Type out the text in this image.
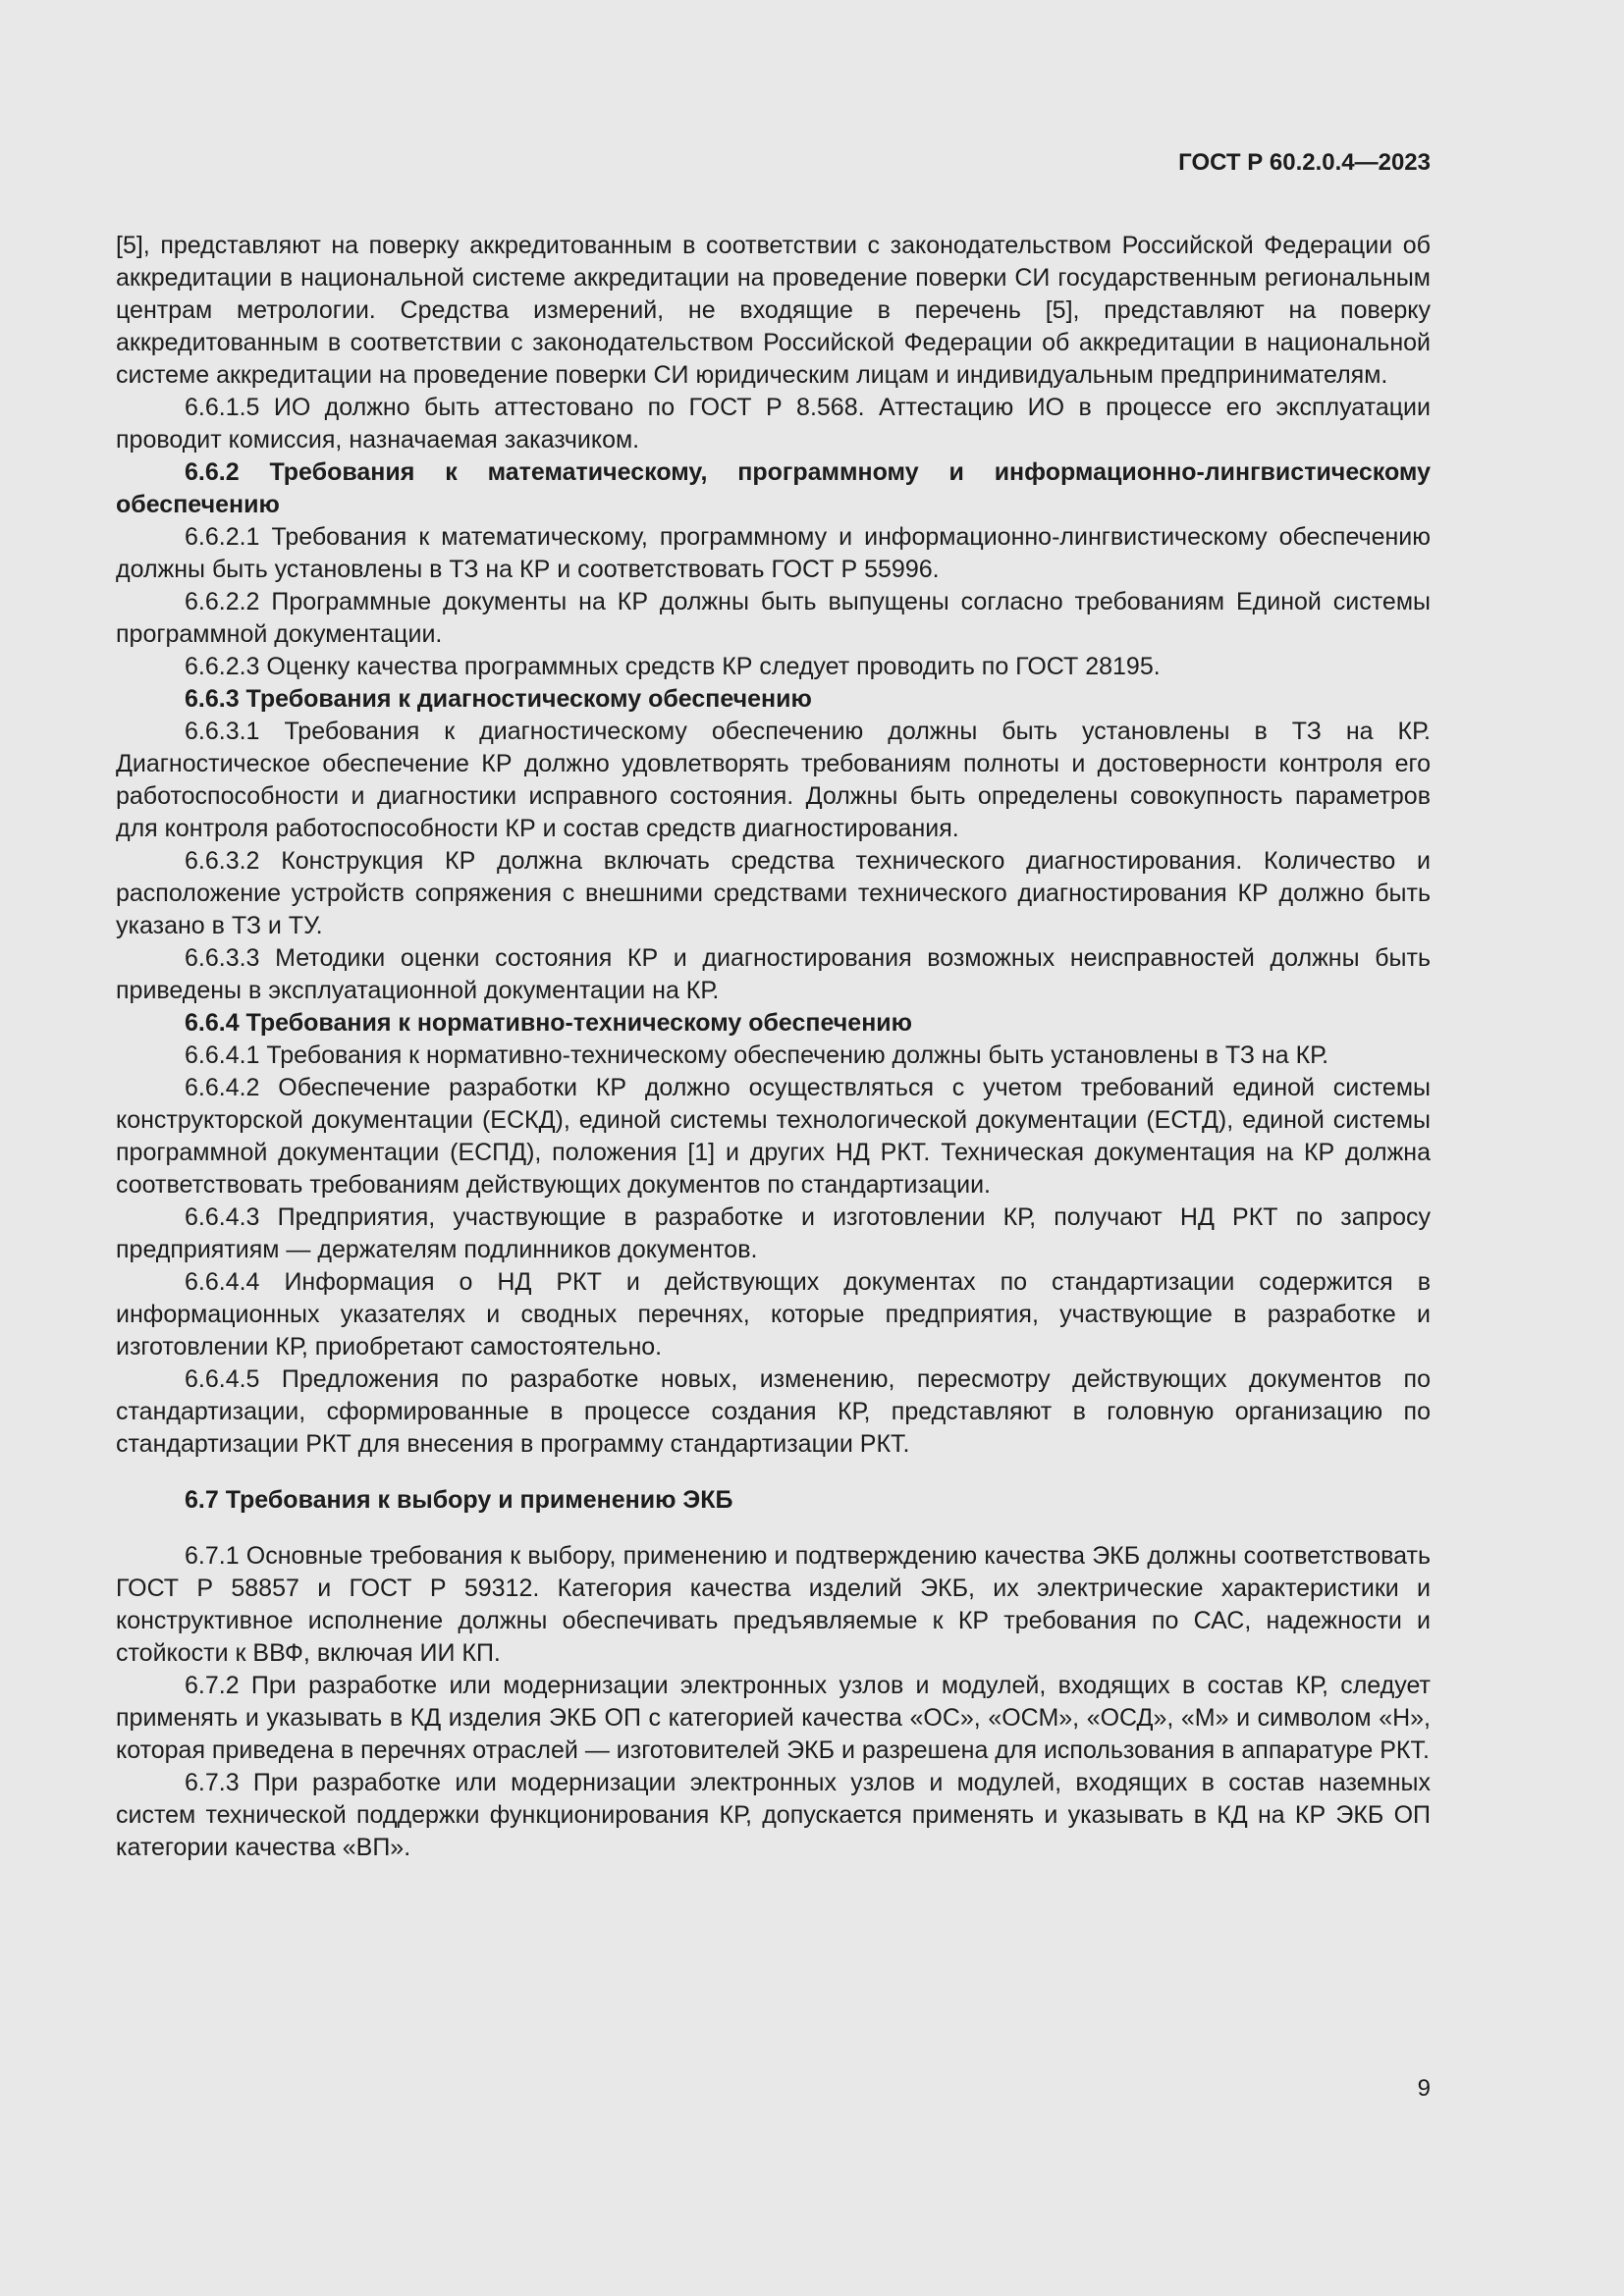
ГОСТ Р 60.2.0.4—2023

[5], представляют на поверку аккредитованным в соответствии с законодательством Российской Федерации об аккредитации в национальной системе аккредитации на проведение поверки СИ государственным региональным центрам метрологии. Средства измерений, не входящие в перечень [5], представляют на поверку аккредитованным в соответствии с законодательством Российской Федерации об аккредитации в национальной системе аккредитации на проведение поверки СИ юридическим лицам и индивидуальным предпринимателям.

6.6.1.5 ИО должно быть аттестовано по ГОСТ Р 8.568. Аттестацию ИО в процессе его эксплуатации проводит комиссия, назначаемая заказчиком.

6.6.2 Требования к математическому, программному и информационно-лингвистическому обеспечению

6.6.2.1 Требования к математическому, программному и информационно-лингвистическому обеспечению должны быть установлены в ТЗ на КР и соответствовать ГОСТ Р 55996.

6.6.2.2 Программные документы на КР должны быть выпущены согласно требованиям Единой системы программной документации.

6.6.2.3 Оценку качества программных средств КР следует проводить по ГОСТ 28195.

6.6.3 Требования к диагностическому обеспечению

6.6.3.1 Требования к диагностическому обеспечению должны быть установлены в ТЗ на КР. Диагностическое обеспечение КР должно удовлетворять требованиям полноты и достоверности контроля его работоспособности и диагностики исправного состояния. Должны быть определены совокупность параметров для контроля работоспособности КР и состав средств диагностирования.

6.6.3.2 Конструкция КР должна включать средства технического диагностирования. Количество и расположение устройств сопряжения с внешними средствами технического диагностирования КР должно быть указано в ТЗ и ТУ.

6.6.3.3 Методики оценки состояния КР и диагностирования возможных неисправностей должны быть приведены в эксплуатационной документации на КР.

6.6.4 Требования к нормативно-техническому обеспечению

6.6.4.1 Требования к нормативно-техническому обеспечению должны быть установлены в ТЗ на КР.

6.6.4.2 Обеспечение разработки КР должно осуществляться с учетом требований единой системы конструкторской документации (ЕСКД), единой системы технологической документации (ЕСТД), единой системы программной документации (ЕСПД), положения [1] и других НД РКТ. Техническая документация на КР должна соответствовать требованиям действующих документов по стандартизации.

6.6.4.3 Предприятия, участвующие в разработке и изготовлении КР, получают НД РКТ по запросу предприятиям — держателям подлинников документов.

6.6.4.4 Информация о НД РКТ и действующих документах по стандартизации содержится в информационных указателях и сводных перечнях, которые предприятия, участвующие в разработке и изготовлении КР, приобретают самостоятельно.

6.6.4.5 Предложения по разработке новых, изменению, пересмотру действующих документов по стандартизации, сформированные в процессе создания КР, представляют в головную организацию по стандартизации РКТ для внесения в программу стандартизации РКТ.

6.7 Требования к выбору и применению ЭКБ

6.7.1 Основные требования к выбору, применению и подтверждению качества ЭКБ должны соответствовать ГОСТ Р 58857 и ГОСТ Р 59312. Категория качества изделий ЭКБ, их электрические характеристики и конструктивное исполнение должны обеспечивать предъявляемые к КР требования по САС, надежности и стойкости к ВВФ, включая ИИ КП.

6.7.2 При разработке или модернизации электронных узлов и модулей, входящих в состав КР, следует применять и указывать в КД изделия ЭКБ ОП с категорией качества «ОС», «ОСМ», «ОСД», «М» и символом «Н», которая приведена в перечнях отраслей — изготовителей ЭКБ и разрешена для использования в аппаратуре РКТ.

6.7.3 При разработке или модернизации электронных узлов и модулей, входящих в состав наземных систем технической поддержки функционирования КР, допускается применять и указывать в КД на КР ЭКБ ОП категории качества «ВП».

9
